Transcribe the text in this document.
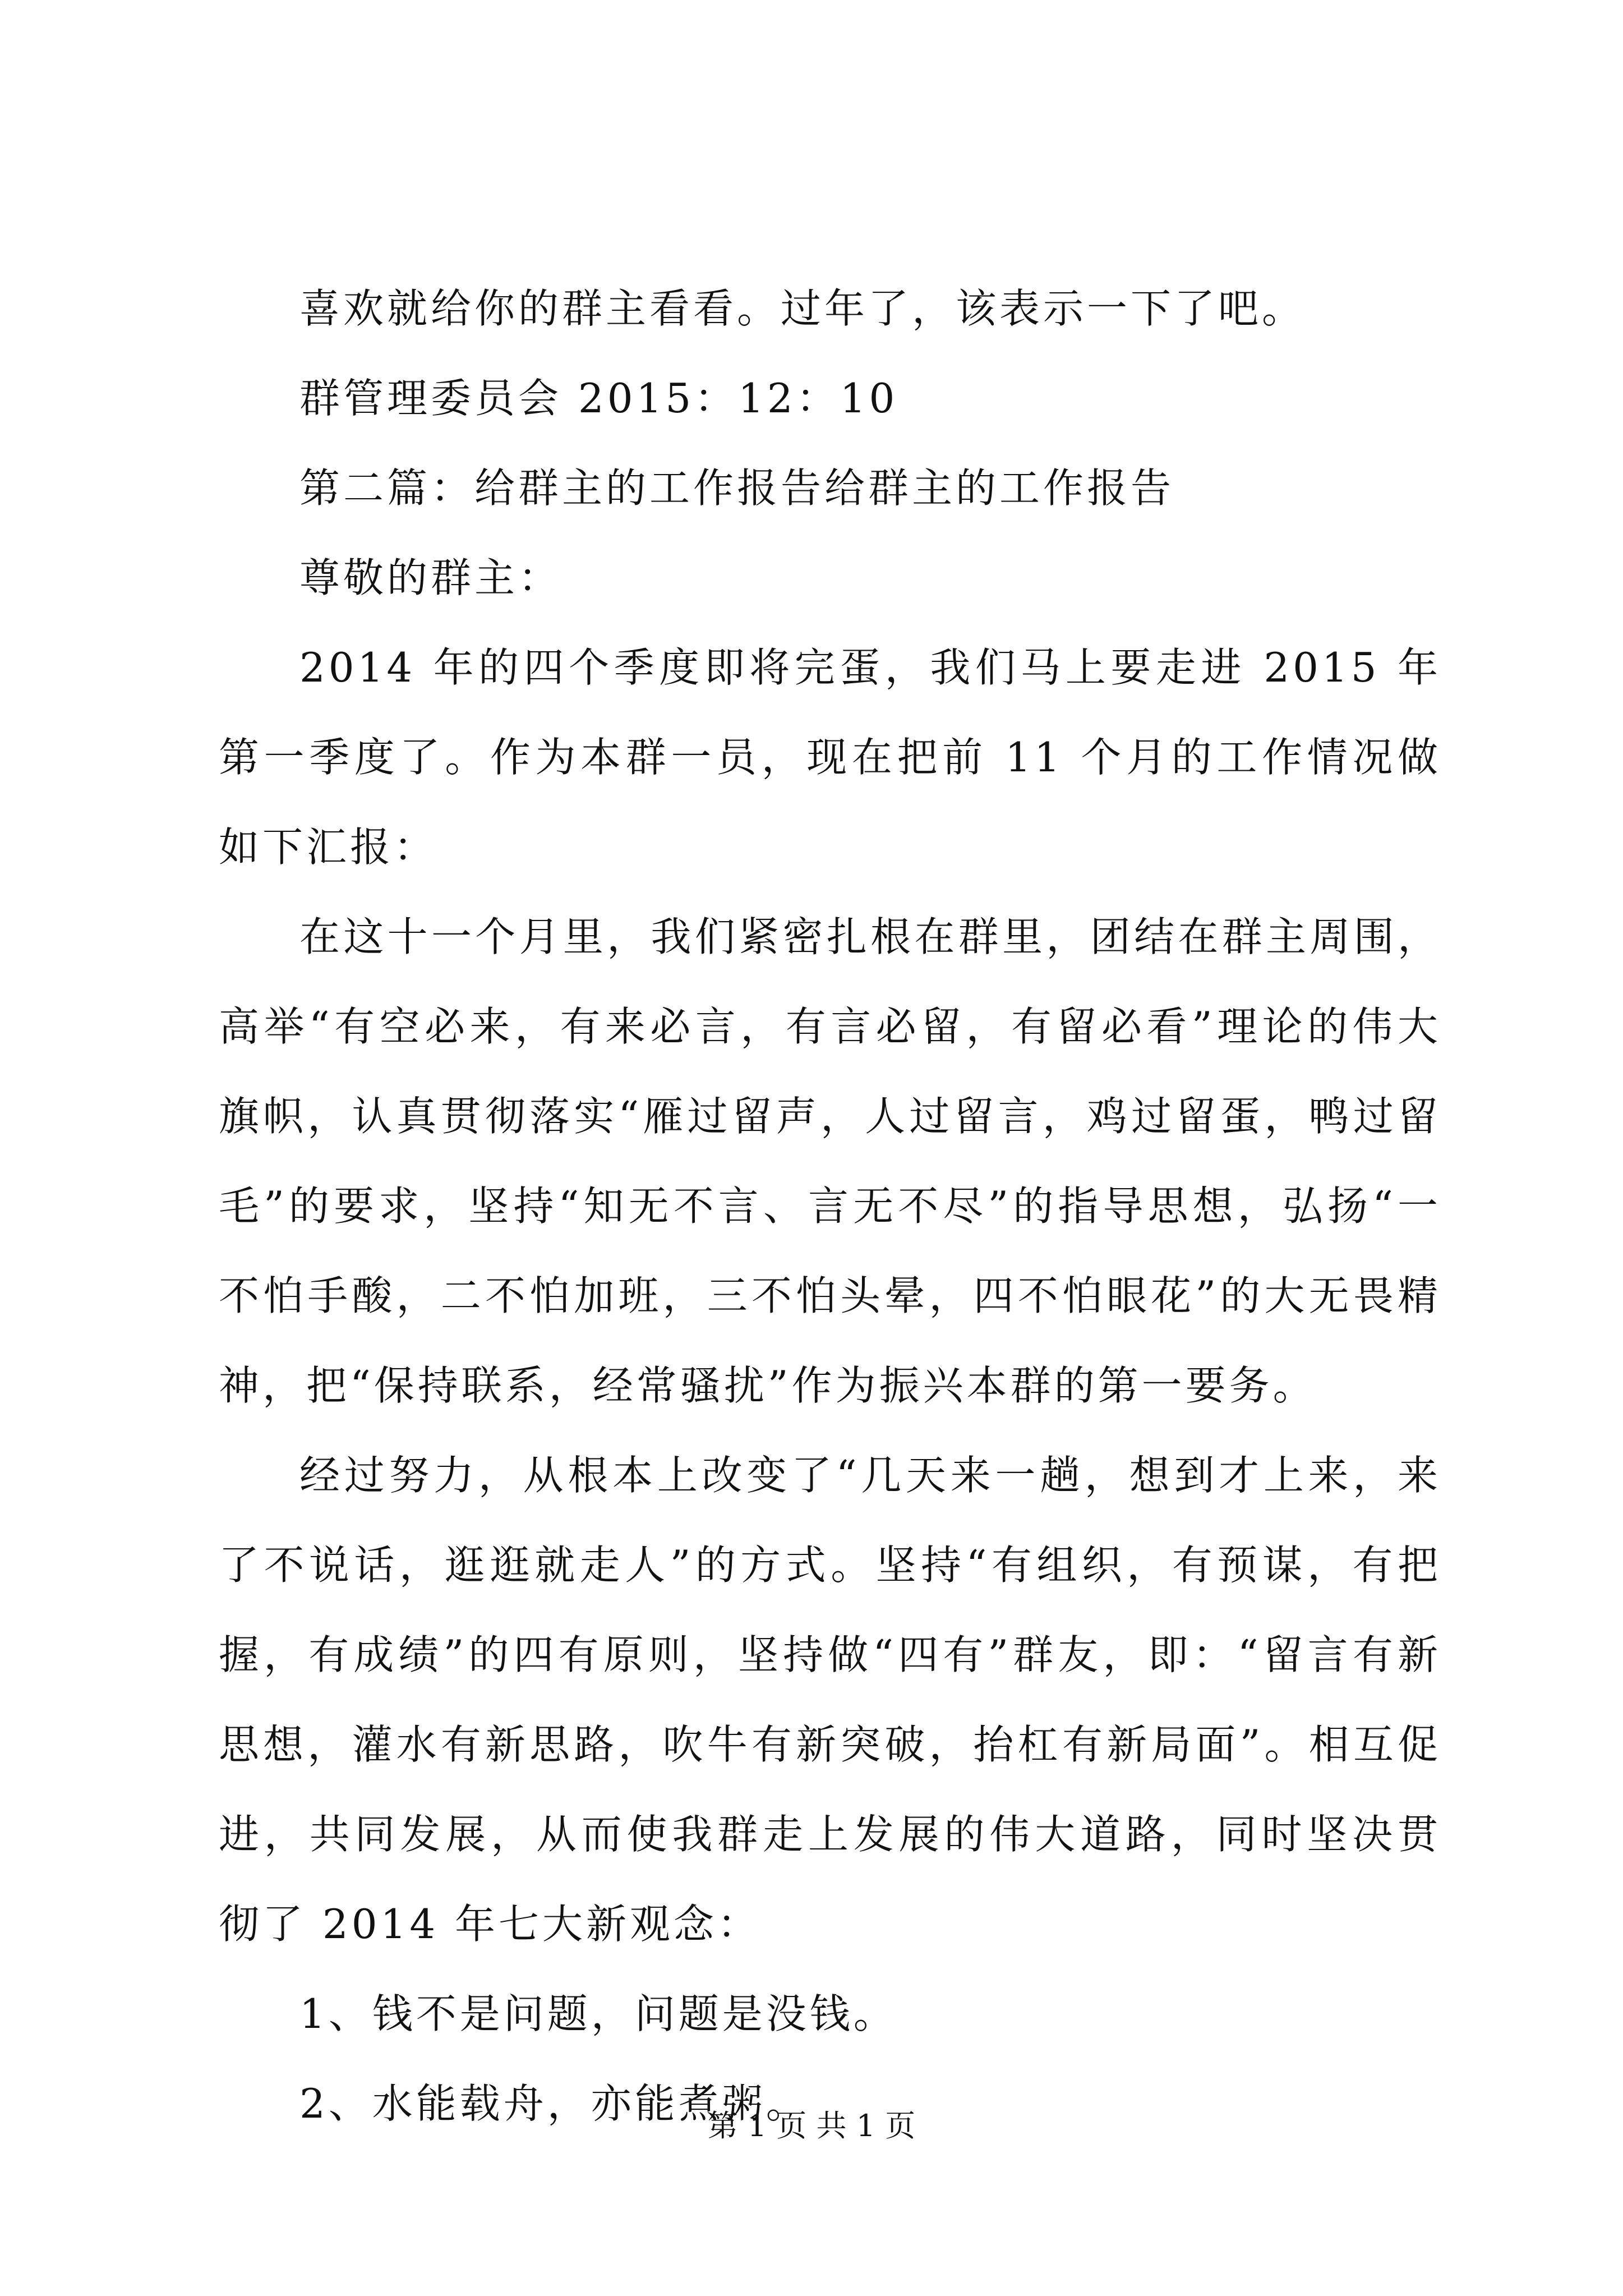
喜欢就给你的群主看看。过年了，该表示一下了吧。

群管理委员会 2015：12：10

第二篇：给群主的工作报告给群主的工作报告

尊敬的群主：

2014 年的四个季度即将完蛋，我们马上要走进 2015 年第一季度了。作为本群一员，现在把前 11 个月的工作情况做如下汇报：

在这十一个月里，我们紧密扎根在群里，团结在群主周围，高举“有空必来，有来必言，有言必留，有留必看”理论的伟大旗帜，认真贯彻落实“雁过留声，人过留言，鸡过留蛋，鸭过留毛”的要求，坚持“知无不言、言无不尽”的指导思想，弘扬“一不怕手酸，二不怕加班，三不怕头晕，四不怕眼花”的大无畏精神，把“保持联系，经常骚扰”作为振兴本群的第一要务。

经过努力，从根本上改变了“几天来一趟，想到才上来，来了不说话，逛逛就走人”的方式。坚持“有组织，有预谋，有把握，有成绩”的四有原则，坚持做“四有”群友，即：“留言有新思想，灌水有新思路，吹牛有新突破，抬杠有新局面”。相互促进，共同发展，从而使我群走上发展的伟大道路，同时坚决贯彻了 2014 年七大新观念：

1、钱不是问题，问题是没钱。

2、水能载舟，亦能煮粥。

第 1 页 共 1 页
